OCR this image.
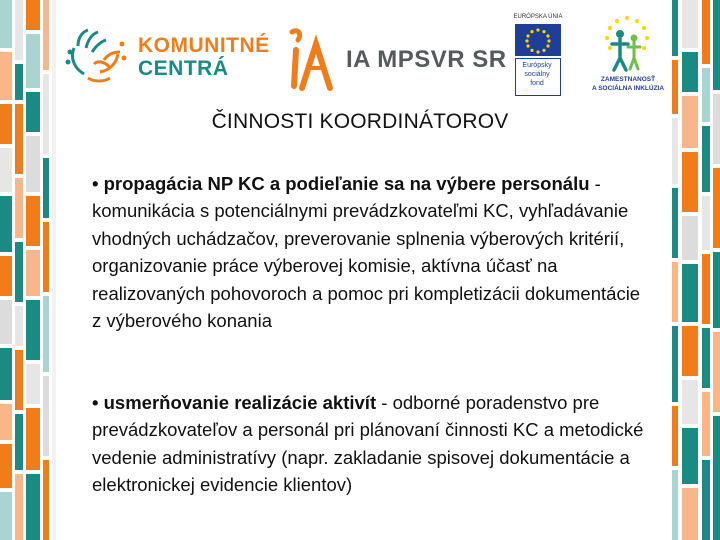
KOMUNITNÉ
CENTRÁ	IA MPSVR SR
EURÓPSKA ÚNIA
Európsky sociálny fond
ZAMESTNANOSŤ
A SOCIÁLNA INKLÚZIA
ČINNOSTI KOORDINÁTOROV
• propagácia NP KC a podieľanie sa na výbere personálu - komunikácia s potenciálnymi prevádzkovateľmi KC, vyhľadávanie vhodných uchádzačov, preverovanie splnenia výberových kritérií, organizovanie práce výberovej komisie, aktívna účasť na realizovaných pohovoroch a pomoc pri kompletizácii dokumentácie z výberového konania
• usmerňovanie realizácie aktivít - odborné poradenstvo pre prevádzkovateľov a personál pri plánovaní činnosti KC a metodické vedenie administratívy (napr. zakladanie spisovej dokumentácie a elektronickej evidencie klientov)
